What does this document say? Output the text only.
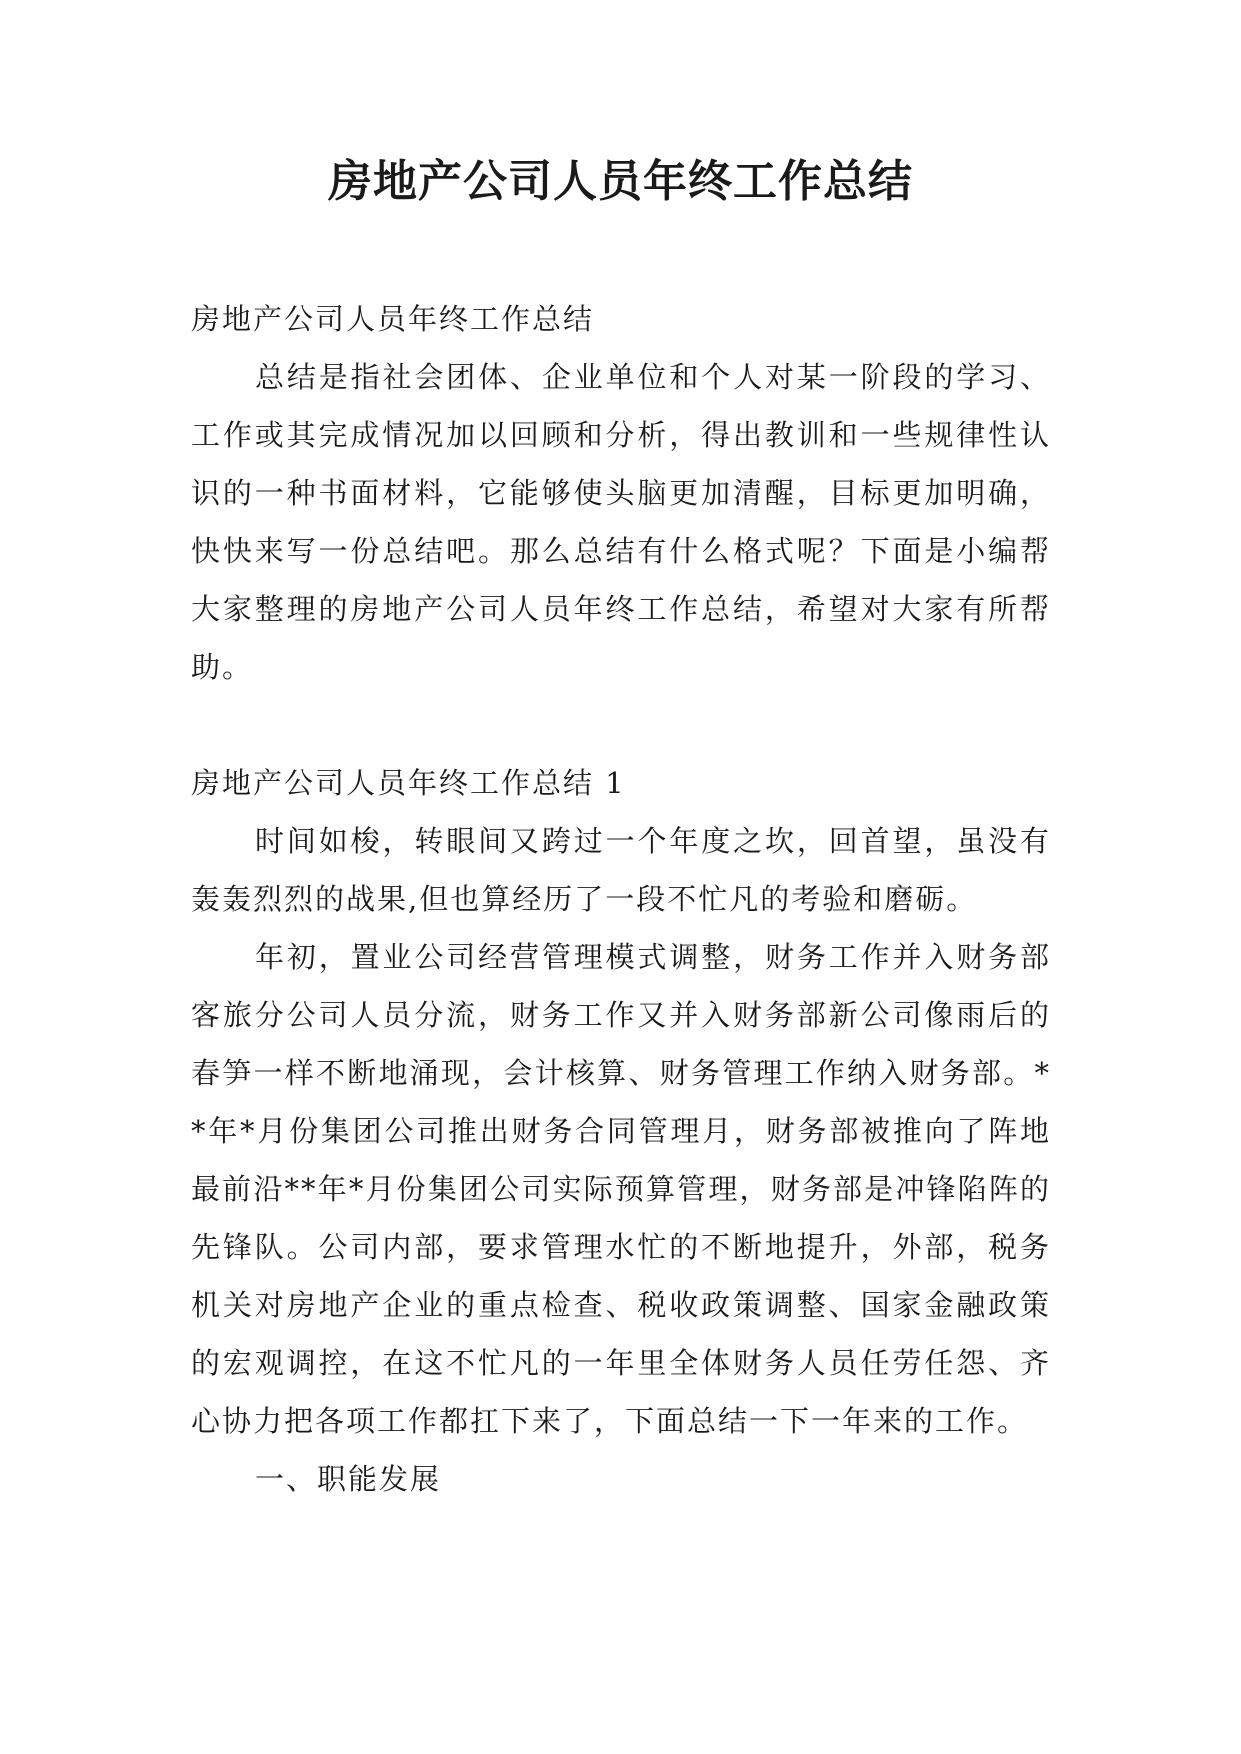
房地产公司人员年终工作总结

房地产公司人员年终工作总结

总结是指社会团体、企业单位和个人对某一阶段的学习、工作或其完成情况加以回顾和分析，得出教训和一些规律性认识的一种书面材料，它能够使头脑更加清醒，目标更加明确，快快来写一份总结吧。那么总结有什么格式呢？下面是小编帮大家整理的房地产公司人员年终工作总结，希望对大家有所帮助。

房地产公司人员年终工作总结 1

时间如梭，转眼间又跨过一个年度之坎，回首望，虽没有轰轰烈烈的战果,但也算经历了一段不忙凡的考验和磨砺。

年初，置业公司经营管理模式调整，财务工作并入财务部客旅分公司人员分流，财务工作又并入财务部新公司像雨后的春笋一样不断地涌现，会计核算、财务管理工作纳入财务部。**年*月份集团公司推出财务合同管理月，财务部被推向了阵地最前沿**年*月份集团公司实际预算管理，财务部是冲锋陷阵的先锋队。公司内部，要求管理水忙的不断地提升，外部，税务机关对房地产企业的重点检查、税收政策调整、国家金融政策的宏观调控，在这不忙凡的一年里全体财务人员任劳任怨、齐心协力把各项工作都扛下来了，下面总结一下一年来的工作。

一、职能发展
